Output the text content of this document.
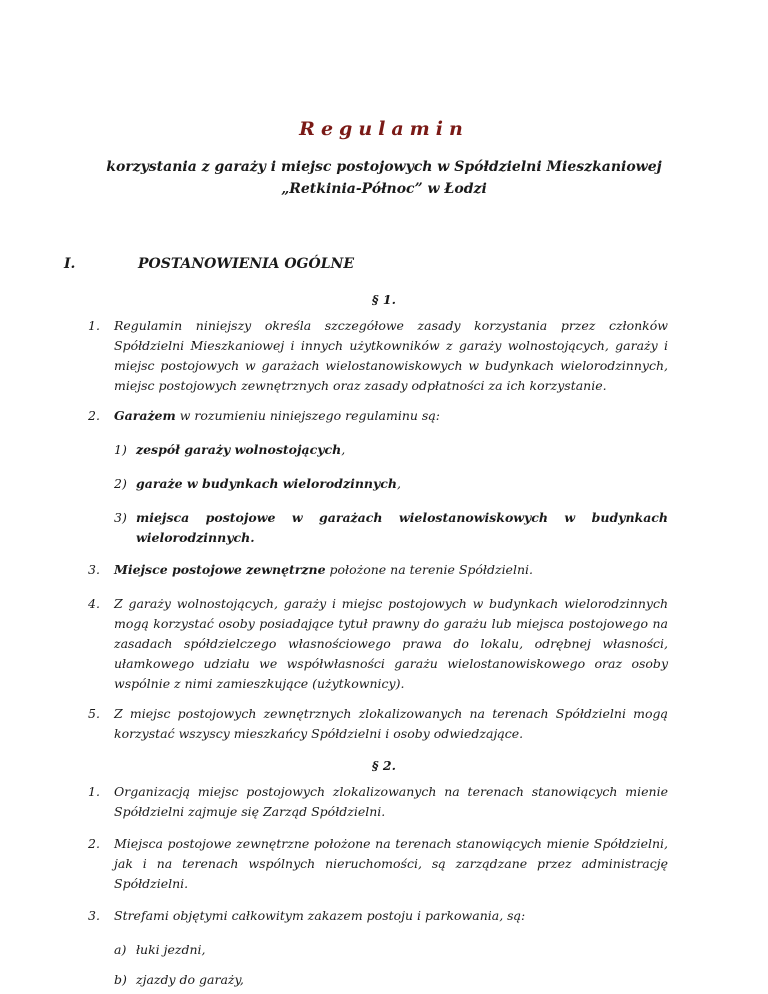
Regulamin
korzystania z garaży i miejsc postojowych w Spółdzielni Mieszkaniowej
„Retkinia-Północ” w Łodzi
I.	POSTANOWIENIA OGÓLNE
§ 1.
1. Regulamin niniejszy określa szczegółowe zasady korzystania przez członków Spółdzielni Mieszkaniowej i innych użytkowników z garaży wolnostojących, garaży i miejsc postojowych w garażach wielostanowiskowych w budynkach wielorodzinnych, miejsc postojowych zewnętrznych oraz zasady odpłatności za ich korzystanie.
2. Garażem w rozumieniu niniejszego regulaminu są:
1) zespół garaży wolnostojących,
2) garaże w budynkach wielorodzinnych,
3) miejsca postojowe w garażach wielostanowiskowych w budynkach
wielorodzinnych.
3. Miejsce postojowe zewnętrzne położone na terenie Spółdzielni.
4. Z garaży wolnostojących, garaży i miejsc postojowych w budynkach wielorodzinnych mogą korzystać osoby posiadające tytuł prawny do garażu lub miejsca postojowego na zasadach spółdzielczego własnościowego prawa do lokalu, odrębnej własności, ułamkowego udziału we współwłasności garażu wielostanowiskowego oraz osoby wspólnie z nimi zamieszkujące (użytkownicy).
5. Z miejsc postojowych zewnętrznych zlokalizowanych na terenach Spółdzielni mogą korzystać wszyscy mieszkańcy Spółdzielni i osoby odwiedzające.
§ 2.
1. Organizacją miejsc postojowych zlokalizowanych na terenach stanowiących mienie Spółdzielni zajmuje się Zarząd Spółdzielni.
2. Miejsca postojowe zewnętrzne położone na terenach stanowiących mienie Spółdzielni, jak i na terenach wspólnych nieruchomości, są zarządzane przez administrację Spółdzielni.
3. Strefami objętymi całkowitym zakazem postoju i parkowania, są:
a) łuki jezdni,
b) zjazdy do garaży,
